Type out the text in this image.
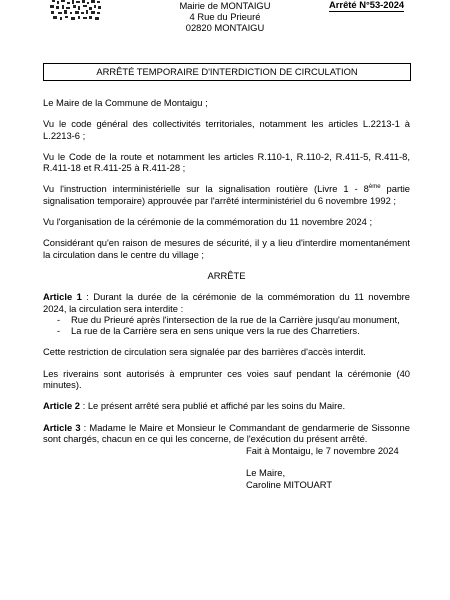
Mairie de MONTAIGU
4 Rue du Prieuré
02820 MONTAIGU
Arrêté N°53-2024
ARRÊTÉ TEMPORAIRE D'INTERDICTION DE CIRCULATION

Le Maire de la Commune de Montaigu ;

Vu le code général des collectivités territoriales, notamment les articles L.2213-1 à L.2213-6 ;

Vu le Code de la route et notamment les articles R.110-1, R.110-2, R.411-5, R.411-8, R.411-18 et R.411-25 à R.411-28 ;

Vu l'instruction interministérielle sur la signalisation routière (Livre 1 - 8ème partie signalisation temporaire) approuvée par l'arrêté interministériel du 6 novembre 1992 ;

Vu l'organisation de la cérémonie de la commémoration du 11 novembre 2024 ;

Considérant qu'en raison de mesures de sécurité, il y a lieu d'interdire momentanément la circulation dans le centre du village ;

ARRÊTE

Article 1 : Durant la durée de la cérémonie de la commémoration du 11 novembre 2024, la circulation sera interdite :

- Rue du Prieuré après l'intersection de la rue de la Carrière jusqu'au monument,
- La rue de la Carrière sera en sens unique vers la rue des Charretiers.

Cette restriction de circulation sera signalée par des barrières d'accès interdit.

Les riverains sont autorisés à emprunter ces voies sauf pendant la cérémonie (40 minutes).

Article 2 : Le présent arrêté sera publié et affiché par les soins du Maire.

Article 3 : Madame le Maire et Monsieur le Commandant de gendarmerie de Sissonne sont chargés, chacun en ce qui les concerne, de l'exécution du présent arrêté.

Fait à Montaigu, le 7 novembre 2024
Le Maire,
Caroline MITOUART
